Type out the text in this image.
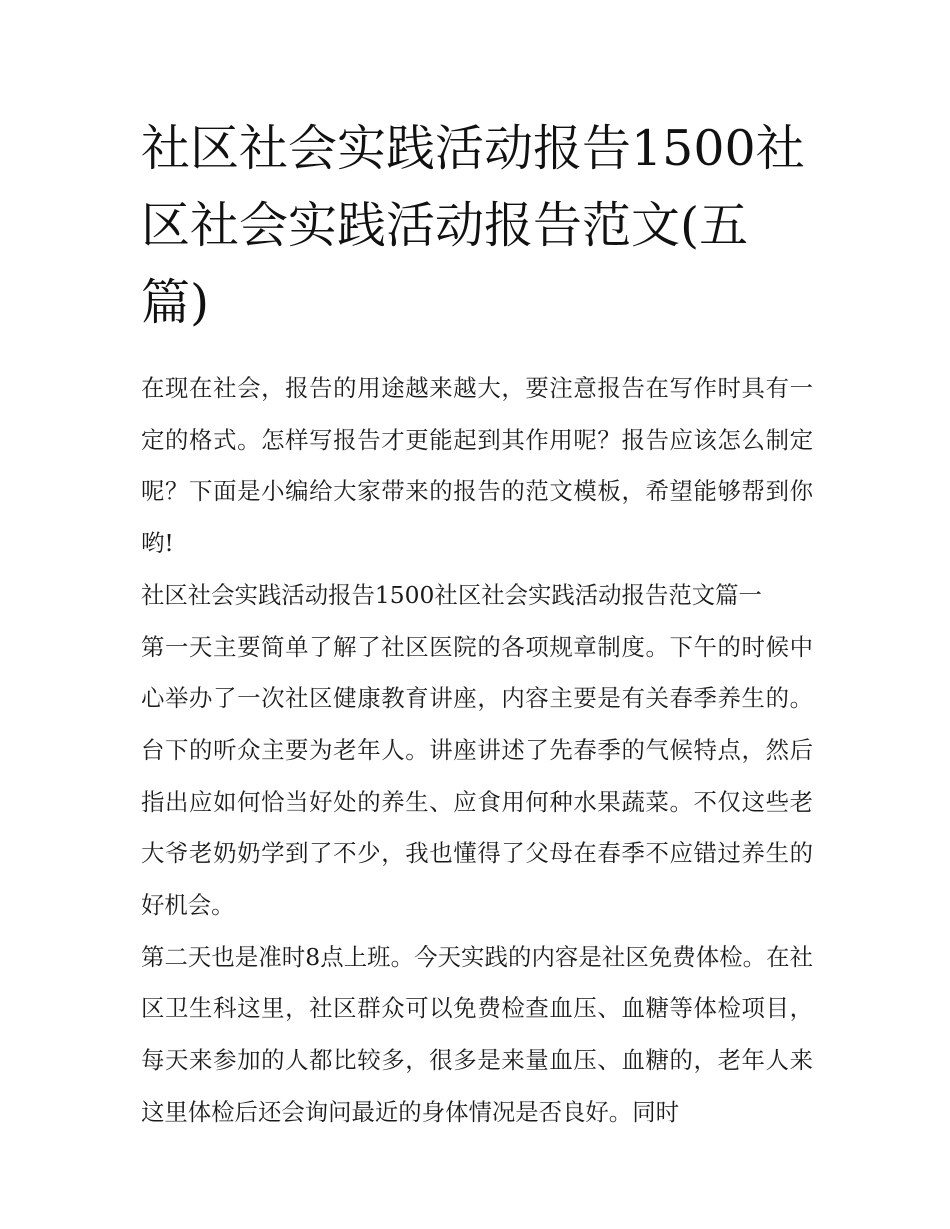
社区社会实践活动报告1500社区社会实践活动报告范文(五篇)

在现在社会，报告的用途越来越大，要注意报告在写作时具有一定的格式。怎样写报告才更能起到其作用呢？报告应该怎么制定呢？下面是小编给大家带来的报告的范文模板，希望能够帮到你哟!

社区社会实践活动报告1500社区社会实践活动报告范文篇一

第一天主要简单了解了社区医院的各项规章制度。下午的时候中心举办了一次社区健康教育讲座，内容主要是有关春季养生的。台下的听众主要为老年人。讲座讲述了先春季的气候特点，然后指出应如何恰当好处的养生、应食用何种水果蔬菜。不仅这些老大爷老奶奶学到了不少，我也懂得了父母在春季不应错过养生的好机会。

第二天也是准时8点上班。今天实践的内容是社区免费体检。在社区卫生科这里，社区群众可以免费检查血压、血糖等体检项目，每天来参加的人都比较多，很多是来量血压、血糖的，老年人来这里体检后还会询问最近的身体情况是否良好。同时
